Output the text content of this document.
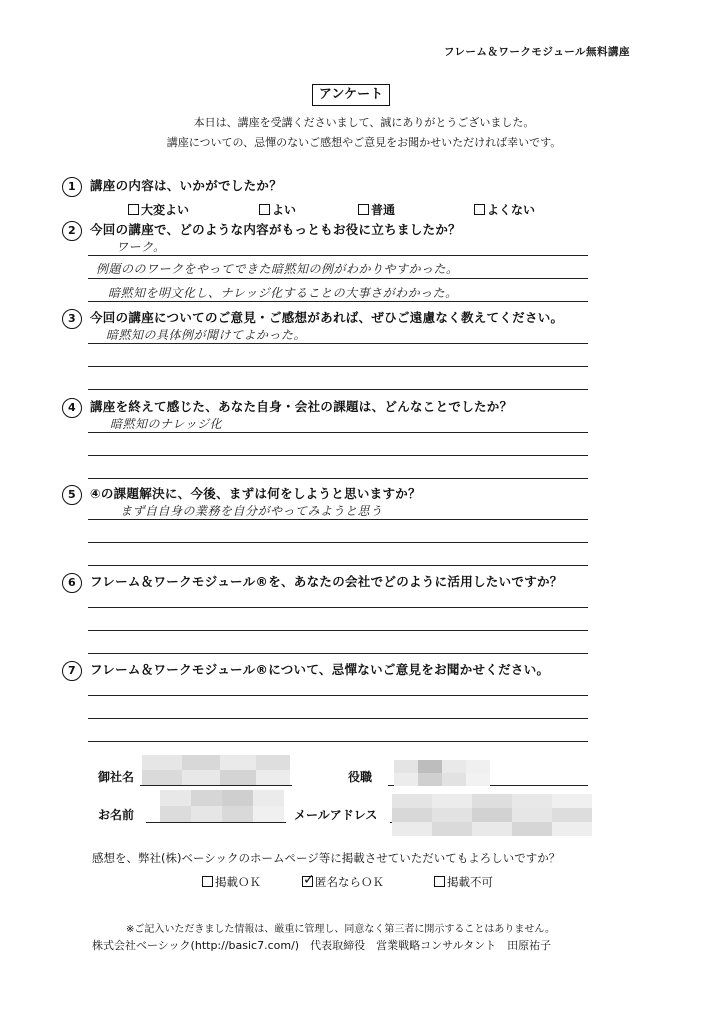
フレーム＆ワークモジュール無料講座
アンケート
本日は、講座を受講くださいまして、誠にありがとうございました。
講座についての、忌憚のないご感想やご意見をお聞かせいただければ幸いです。
1 講座の内容は、いかがでしたか？
大変よい	よい	普通	よくない
2 今回の講座で、どのような内容がもっともお役に立ちましたか？
ワーク。
例題ののワークをやってできた暗黙知の例がわかりやすかった。
暗黙知を明文化し、ナレッジ化することの大事さがわかった。
3 今回の講座についてのご意見・ご感想があれば、ぜひご遠慮なく教えてください。
暗黙知の具体例が聞けてよかった。
4 講座を終えて感じた、あなた自身・会社の課題は、どんなことでしたか？
暗黙知のナレッジ化
5 ④の課題解決に、今後、まずは何をしようと思いますか？
まず自自身の業務を自分がやってみようと思う
6 フレーム＆ワークモジュール®を、あなたの会社でどのように活用したいですか？
7 フレーム＆ワークモジュール®について、忌憚ないご意見をお聞かせください。
御社名	役職
お名前	メールアドレス
感想を、弊社(株)ベーシックのホームページ等に掲載させていただいてもよろしいですか？
掲載ＯＫ	✓ 匿名ならＯＫ	掲載不可
※ご記入いただきました情報は、厳重に管理し、同意なく第三者に開示することはありません。
株式会社ベーシック(http://basic7.com/)　代表取締役　営業戦略コンサルタント　田原祐子
